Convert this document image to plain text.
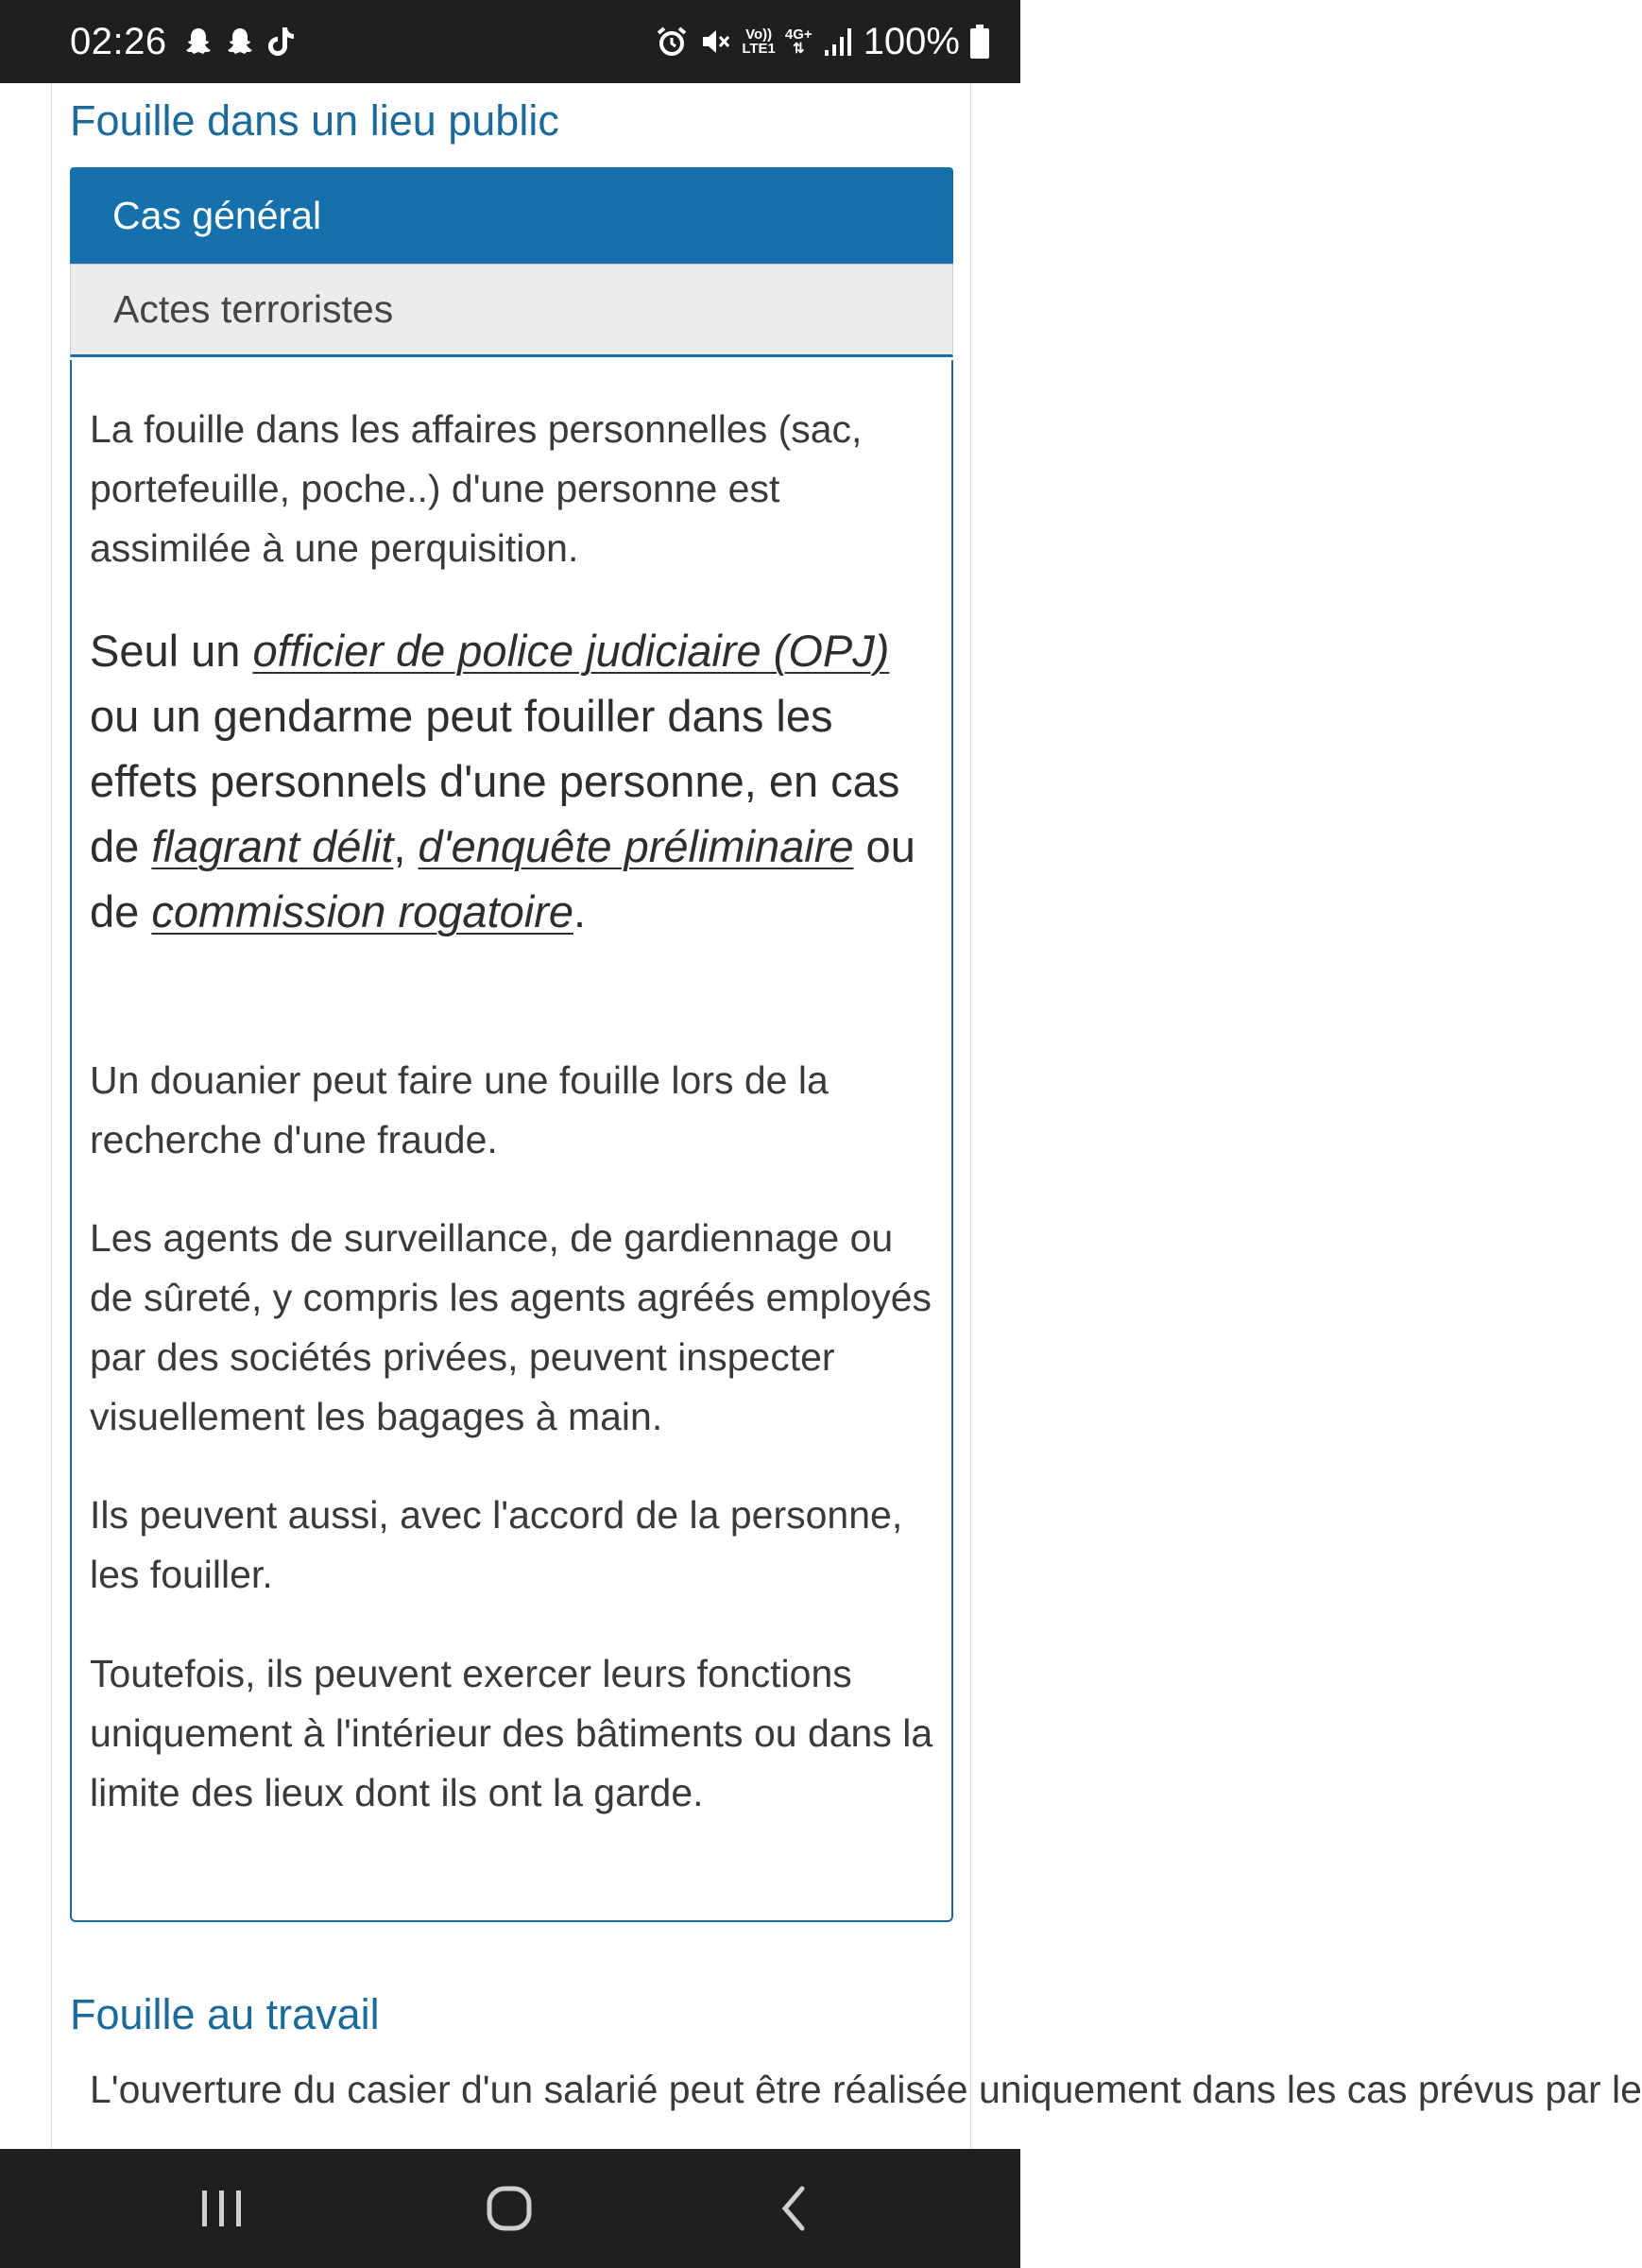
02:26	Vo))
LTE1
4G+
⇅ 100%
Fouille dans un lieu public
Cas général
Actes terroristes

La fouille dans les affaires personnelles (sac, portefeuille, poche..) d'une personne est assimilée à une perquisition.

Seul un officier de police judiciaire (OPJ) ou un gendarme peut fouiller dans les effets personnels d'une personne, en cas de flagrant délit, d'enquête préliminaire ou de commission rogatoire.

Un douanier peut faire une fouille lors de la recherche d'une fraude.

Les agents de surveillance, de gardiennage ou de sûreté, y compris les agents agréés employés par des sociétés privées, peuvent inspecter visuellement les bagages à main.

Ils peuvent aussi, avec l'accord de la personne, les fouiller.

Toutefois, ils peuvent exercer leurs fonctions uniquement à l'intérieur des bâtiments ou dans la limite des lieux dont ils ont la garde.

Fouille au travail

L'ouverture du casier d'un salarié peut être réalisée uniquement dans les cas prévus par le
